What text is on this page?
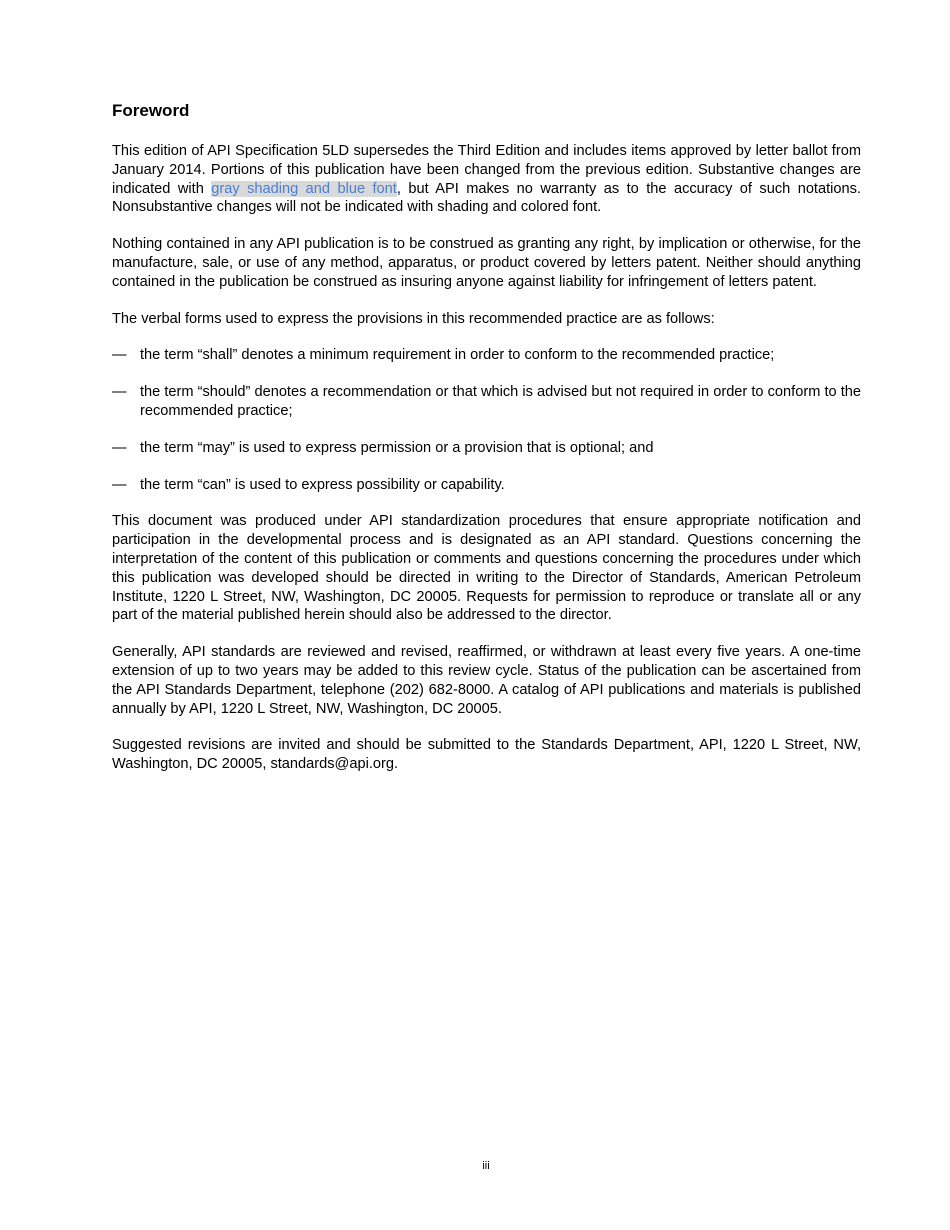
Foreword

This edition of API Specification 5LD supersedes the Third Edition and includes items approved by letter ballot from January 2014. Portions of this publication have been changed from the previous edition. Substantive changes are indicated with gray shading and blue font, but API makes no warranty as to the accuracy of such notations. Nonsubstantive changes will not be indicated with shading and colored font.

Nothing contained in any API publication is to be construed as granting any right, by implication or otherwise, for the manufacture, sale, or use of any method, apparatus, or product covered by letters patent. Neither should anything contained in the publication be construed as insuring anyone against liability for infringement of letters patent.

The verbal forms used to express the provisions in this recommended practice are as follows:

— the term “shall” denotes a minimum requirement in order to conform to the recommended practice;
— the term “should” denotes a recommendation or that which is advised but not required in order to conform to the recommended practice;
— the term “may” is used to express permission or a provision that is optional; and
— the term “can” is used to express possibility or capability.

This document was produced under API standardization procedures that ensure appropriate notification and participation in the developmental process and is designated as an API standard. Questions concerning the interpretation of the content of this publication or comments and questions concerning the procedures under which this publication was developed should be directed in writing to the Director of Standards, American Petroleum Institute, 1220 L Street, NW, Washington, DC 20005. Requests for permission to reproduce or translate all or any part of the material published herein should also be addressed to the director.

Generally, API standards are reviewed and revised, reaffirmed, or withdrawn at least every five years. A one-time extension of up to two years may be added to this review cycle. Status of the publication can be ascertained from the API Standards Department, telephone (202) 682-8000. A catalog of API publications and materials is published annually by API, 1220 L Street, NW, Washington, DC 20005.

Suggested revisions are invited and should be submitted to the Standards Department, API, 1220 L Street, NW, Washington, DC 20005, standards@api.org.

iii
